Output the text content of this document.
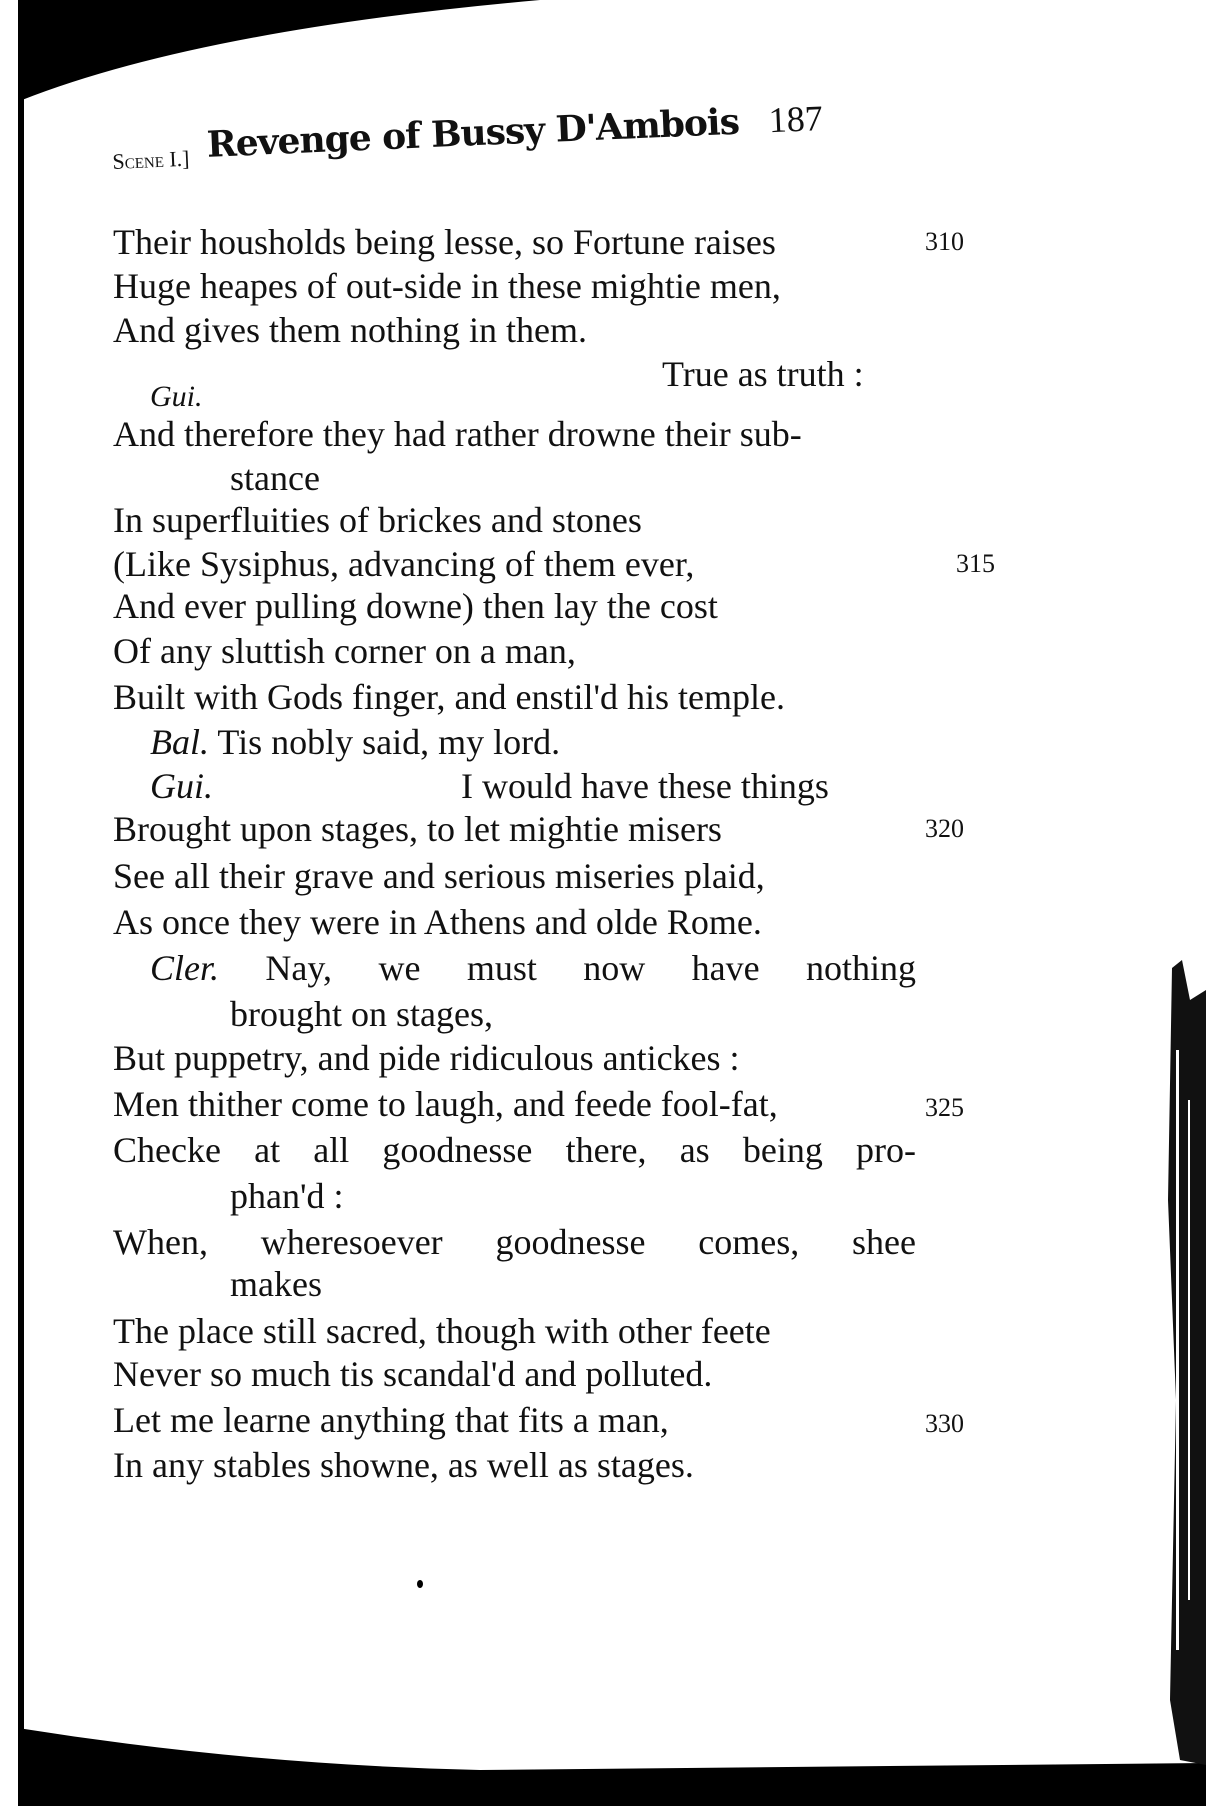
Scene I.] Revenge of Bussy D'Ambois 187
Their housholds being lesse, so Fortune raises	310
Huge heapes of out-side in these mightie men,
And gives them nothing in them.
True as truth :
Gui.
And therefore they had rather drowne their sub-
stance
In superfluities of brickes and stones
(Like Sysiphus, advancing of them ever,	315
And ever pulling downe) then lay the cost
Of any sluttish corner on a man,
Built with Gods finger, and enstil'd his temple.
Bal. Tis nobly said, my lord.
Gui.	I would have these things
Brought upon stages, to let mightie misers	320
See all their grave and serious miseries plaid,
As once they were in Athens and olde Rome.
Cler. Nay, we must now have nothing
brought on stages,
But puppetry, and pide ridiculous antickes :
Men thither come to laugh, and feede fool-fat,	325
Checke at all goodnesse there, as being pro-
phan'd :
When, wheresoever goodnesse comes, shee
makes
The place still sacred, though with other feete
Never so much tis scandal'd and polluted.
Let me learne anything that fits a man,	330
In any stables showne, as well as stages.
